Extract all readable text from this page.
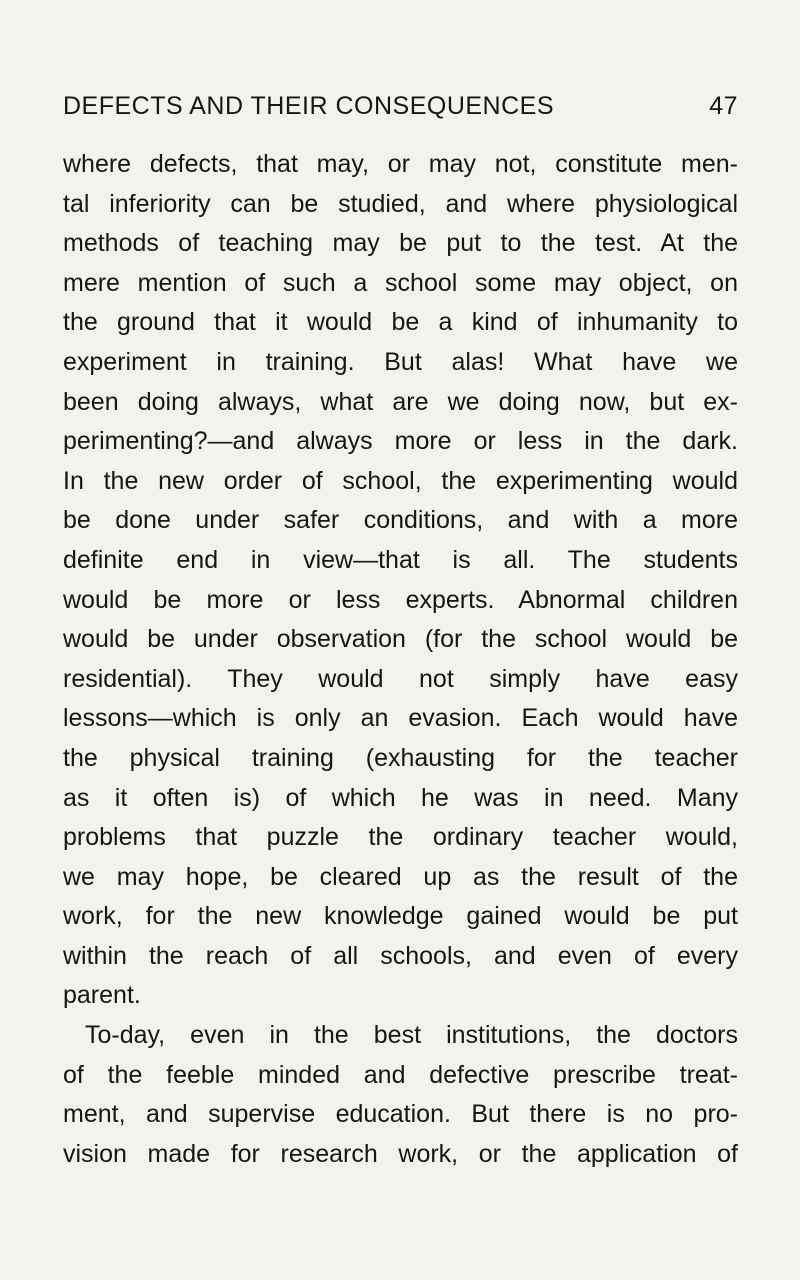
DEFECTS AND THEIR CONSEQUENCES	47
where defects, that may, or may not, constitute men-
tal inferiority can be studied, and where physiological
methods of teaching may be put to the test. At the
mere mention of such a school some may object, on
the ground that it would be a kind of inhumanity to
experiment in training. But alas! What have we
been doing always, what are we doing now, but ex-
perimenting?—and always more or less in the dark.
In the new order of school, the experimenting would
be done under safer conditions, and with a more
definite end in view—that is all. The students
would be more or less experts. Abnormal children
would be under observation (for the school would be
residential). They would not simply have easy
lessons—which is only an evasion. Each would have
the physical training (exhausting for the teacher
as it often is) of which he was in need. Many
problems that puzzle the ordinary teacher would,
we may hope, be cleared up as the result of the
work, for the new knowledge gained would be put
within the reach of all schools, and even of every
parent.
To-day, even in the best institutions, the doctors
of the feeble minded and defective prescribe treat-
ment, and supervise education. But there is no pro-
vision made for research work, or the application of
